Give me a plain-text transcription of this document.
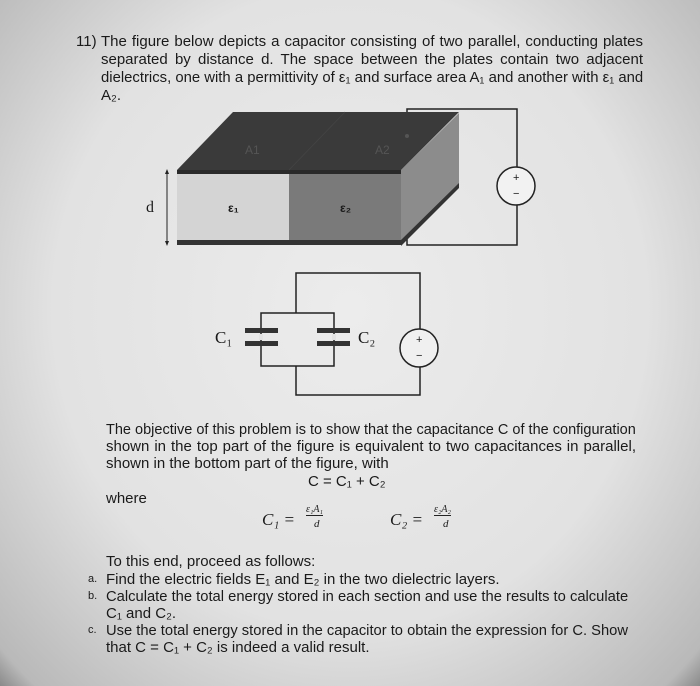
11) The figure below depicts a capacitor consisting of two parallel, conducting plates
separated by distance d. The space between the plates contain two adjacent
dielectrics, one with a permittivity of ε₁ and surface area A₁ and another with ε₁ and
A₂.
A1	A2
d	ε₁	ε₂
+
−
C₁	C₂	+
−
The objective of this problem is to show that the capacitance C of the configuration
shown in the top part of the figure is equivalent to two capacitances in parallel,
shown in the bottom part of the figure, with
C = C₁ + C₂
where
C₁ =
ε₁A₁
d	C₂ =
ε₂A₂
d
To this end, proceed as follows:
a. Find the electric fields E₁ and E₂ in the two dielectric layers.
b. Calculate the total energy stored in each section and use the results to calculate
C₁ and C₂.
c. Use the total energy stored in the capacitor to obtain the expression for C. Show
that C = C₁ + C₂ is indeed a valid result.
